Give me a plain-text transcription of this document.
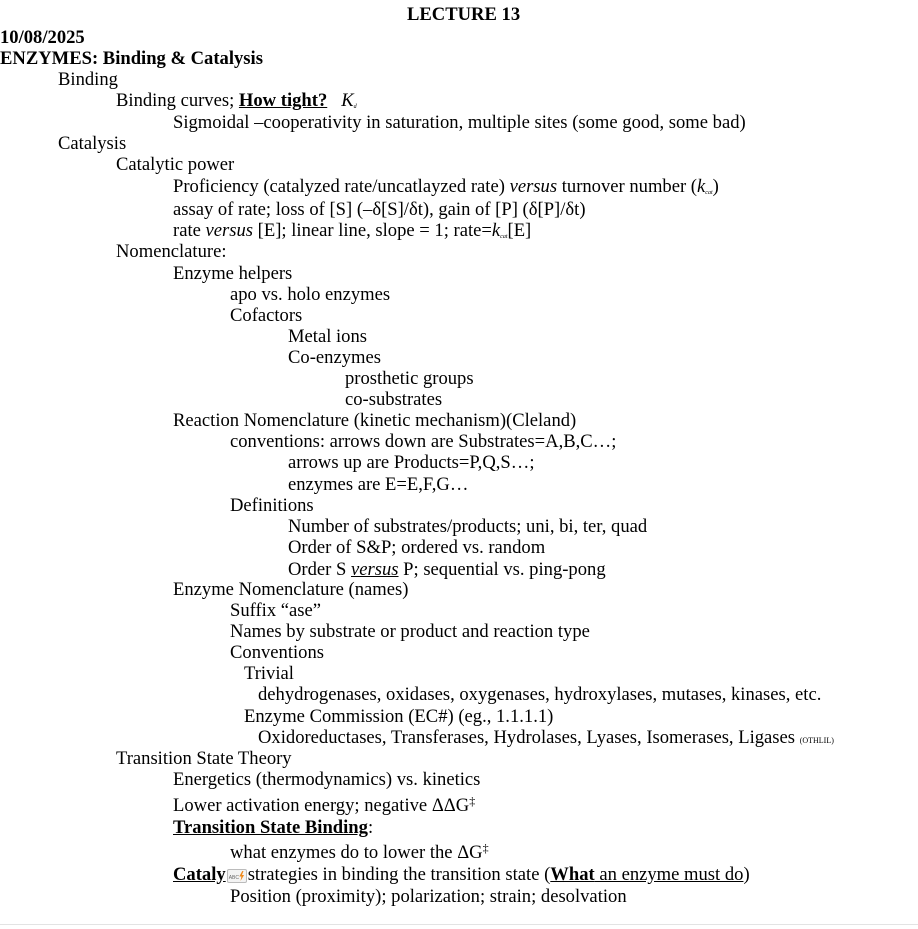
LECTURE 13
10/08/2025
ENZYMES: Binding & Catalysis
Binding
Binding curves; How tight? $K_d$
Sigmoidal –cooperativity in saturation, multiple sites (some good, some bad)
Catalysis
Catalytic power
Proficiency (catalyzed rate/uncatlayzed rate) versus turnover number $(k_{cat})$
assay of rate; loss of [S] (–δ[S]/δt), gain of [P] (δ[P]/δt)
rate versus [E]; linear line, slope = 1; $rate=k_{cat}[E]$
Nomenclature:
Enzyme helpers
apo vs. holo enzymes
Cofactors
Metal ions
Co-enzymes
prosthetic groups
co-substrates
Reaction Nomenclature (kinetic mechanism)(Cleland)
conventions: arrows down are Substrates=A,B,C…;
arrows up are Products=P,Q,S…;
enzymes are E=E,F,G…
Definitions
Number of substrates/products; uni, bi, ter, quad
Order of S&P; ordered vs. random
Order S versus P; sequential vs. ping-pong
Enzyme Nomenclature (names)
Suffix “ase”
Names by substrate or product and reaction type
Conventions
Trivial
dehydrogenases, oxidases, oxygenases, hydroxylases, mutases, kinases, etc.
Enzyme Commission (EC#) (eg., 1.1.1.1)
Oxidoreductases, Transferases, Hydrolases, Lyases, Isomerases, Ligases (OTHLIL)
Transition State Theory
Energetics (thermodynamics) vs. kinetics
Lower activation energy; negative ΔΔG‡
Transition State Binding:
what enzymes do to lower the ΔG‡
Cataly ABC strategies in binding the transition state (What an enzyme must do)
Position (proximity); polarization; strain; desolvation
